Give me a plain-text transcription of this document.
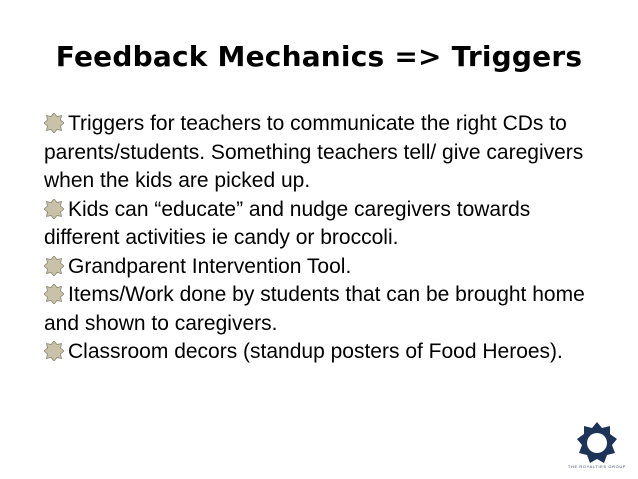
Feedback Mechanics => Triggers

Triggers for teachers to communicate the right CDs to parents/students. Something teachers tell/ give caregivers when the kids are picked up.

Kids can “educate” and nudge caregivers towards different activities ie candy or broccoli.

Grandparent Intervention Tool.

Items/Work done by students that can be brought home and shown to caregivers.

Classroom decors (standup posters of Food Heroes).

THE ROYALTIES GROUP
